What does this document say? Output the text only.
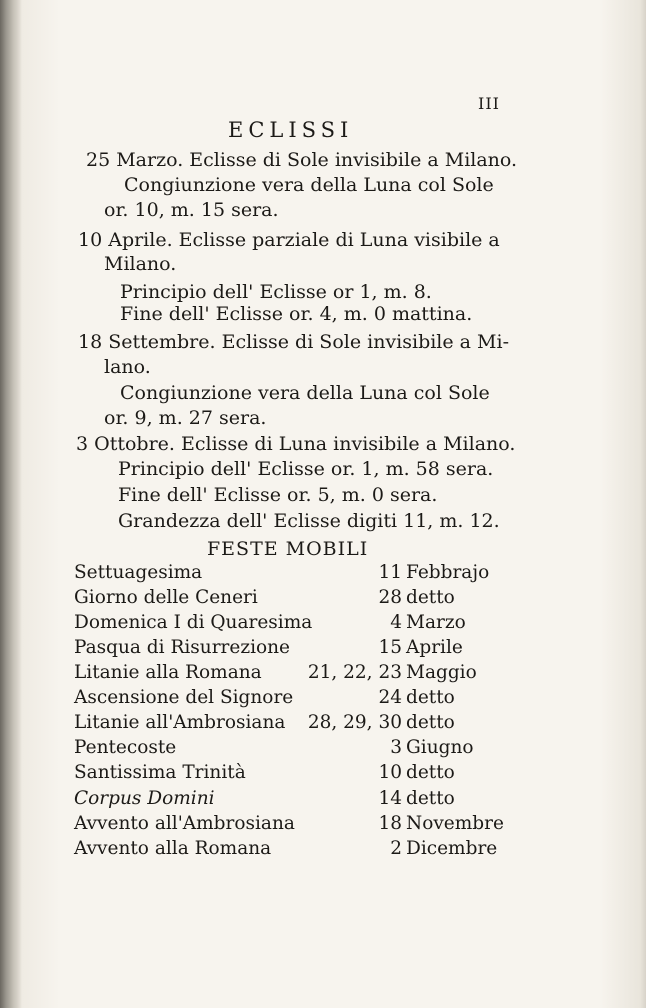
III
ECLISSI
25 Marzo. Eclisse di Sole invisibile a Milano.
Congiunzione vera della Luna col Sole
or. 10, m. 15 sera.
10 Aprile. Eclisse parziale di Luna visibile a
Milano.
Principio dell' Eclisse or 1, m. 8.
Fine dell' Eclisse or. 4, m. 0 mattina.
18 Settembre. Eclisse di Sole invisibile a Mi-
lano.
Congiunzione vera della Luna col Sole
or. 9, m. 27 sera.
3 Ottobre. Eclisse di Luna invisibile a Milano.
Principio dell' Eclisse or. 1, m. 58 sera.
Fine dell' Eclisse or. 5, m. 0 sera.
Grandezza dell' Eclisse digiti 11, m. 12.
FESTE MOBILI
Settuagesima	11 Febbrajo
Giorno delle Ceneri	28 detto
Domenica I di Quaresima	4 Marzo
Pasqua di Risurrezione	15 Aprile
Litanie alla Romana 21, 22, 23 Maggio
Ascensione del Signore	24 detto
Litanie all'Ambrosiana 28, 29, 30 detto
Pentecoste	3 Giugno
Santissima Trinità	10 detto
Corpus Domini	14 detto
Avvento all'Ambrosiana	18 Novembre
Avvento alla Romana	2 Dicembre
